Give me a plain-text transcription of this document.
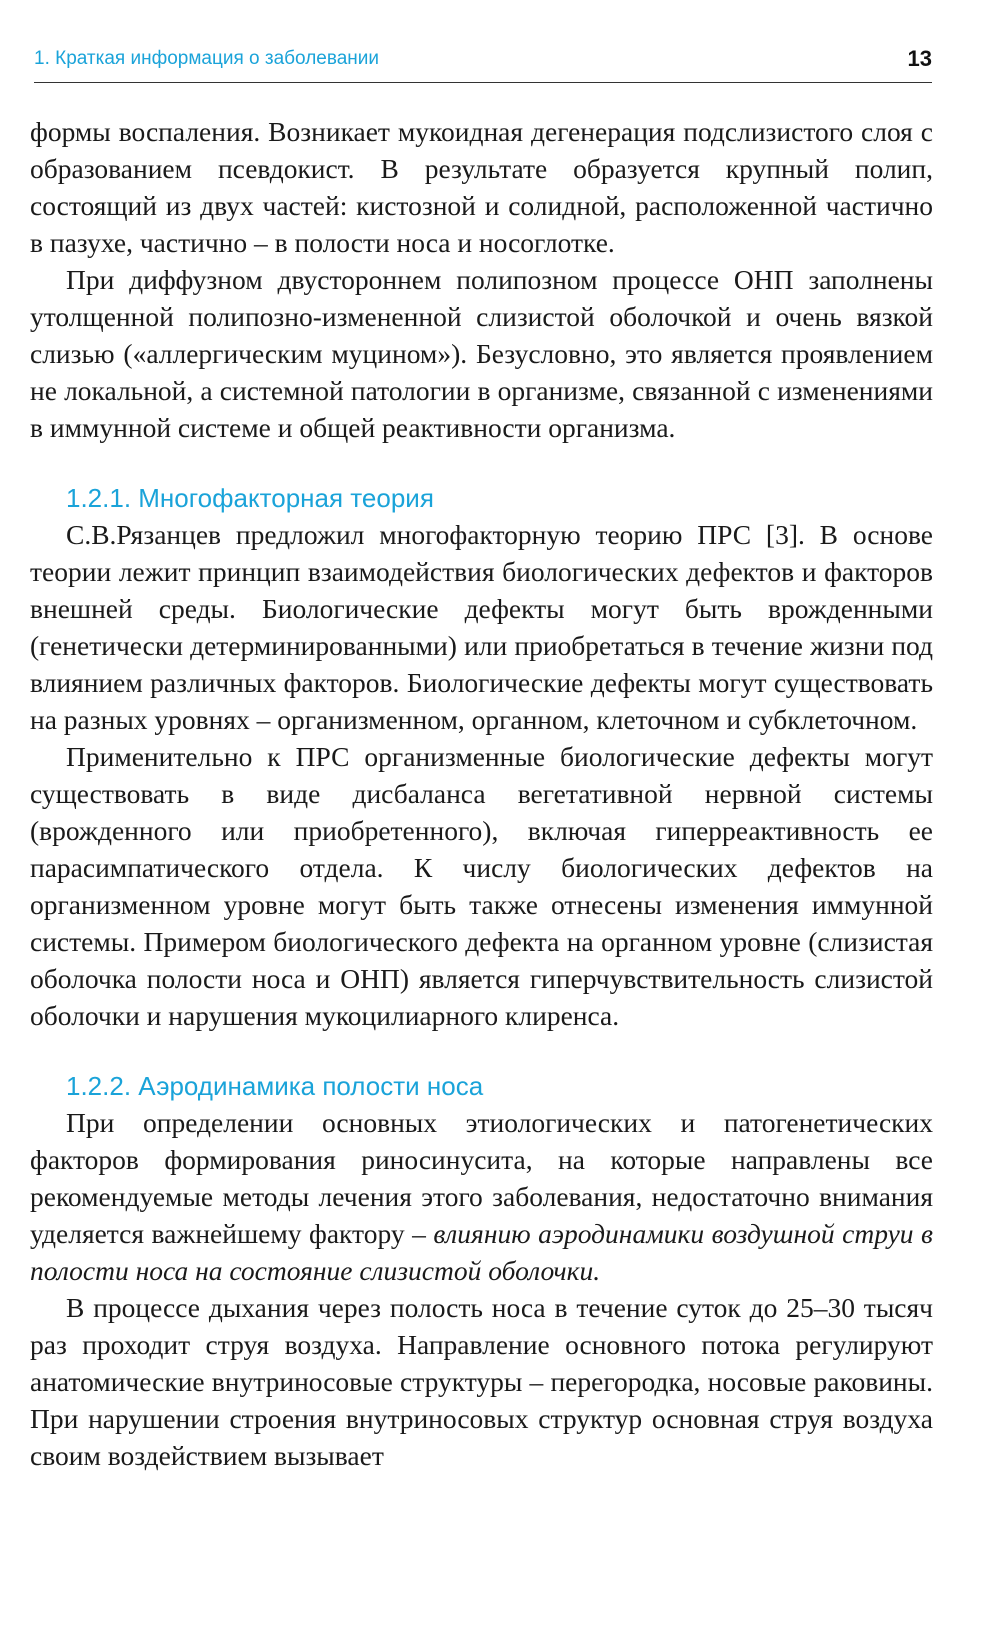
1. Краткая информация о заболевании	13

формы воспаления. Возникает мукоидная дегенерация подслизистого слоя с образованием псевдокист. В результате образуется крупный полип, состоящий из двух частей: кистозной и солидной, расположенной частично в пазухе, частично – в полости носа и носоглотке.

При диффузном двустороннем полипозном процессе ОНП заполнены утолщенной полипозно-измененной слизистой оболочкой и очень вязкой слизью («аллергическим муцином»). Безусловно, это является проявлением не локальной, а системной патологии в организме, связанной с изменениями в иммунной системе и общей реактивности организма.

1.2.1. Многофакторная теория

С.В.Рязанцев предложил многофакторную теорию ПРС [3]. В основе теории лежит принцип взаимодействия биологических дефектов и факторов внешней среды. Биологические дефекты могут быть врожденными (генетически детерминированными) или приобретаться в течение жизни под влиянием различных факторов. Биологические дефекты могут существовать на разных уровнях – организменном, органном, клеточном и субклеточном.

Применительно к ПРС организменные биологические дефекты могут существовать в виде дисбаланса вегетативной нервной системы (врожденного или приобретенного), включая гиперреактивность ее парасимпатического отдела. К числу биологических дефектов на организменном уровне могут быть также отнесены изменения иммунной системы. Примером биологического дефекта на органном уровне (слизистая оболочка полости носа и ОНП) является гиперчувствительность слизистой оболочки и нарушения мукоцилиарного клиренса.

1.2.2. Аэродинамика полости носа

При определении основных этиологических и патогенетических факторов формирования риносинусита, на которые направлены все рекомендуемые методы лечения этого заболевания, недостаточно внимания уделяется важнейшему фактору – влиянию аэродинамики воздушной струи в полости носа на состояние слизистой оболочки.

В процессе дыхания через полость носа в течение суток до 25–30 тысяч раз проходит струя воздуха. Направление основного потока регулируют анатомические внутриносовые структуры – перегородка, носовые раковины. При нарушении строения внутриносовых структур основная струя воздуха своим воздействием вызывает
